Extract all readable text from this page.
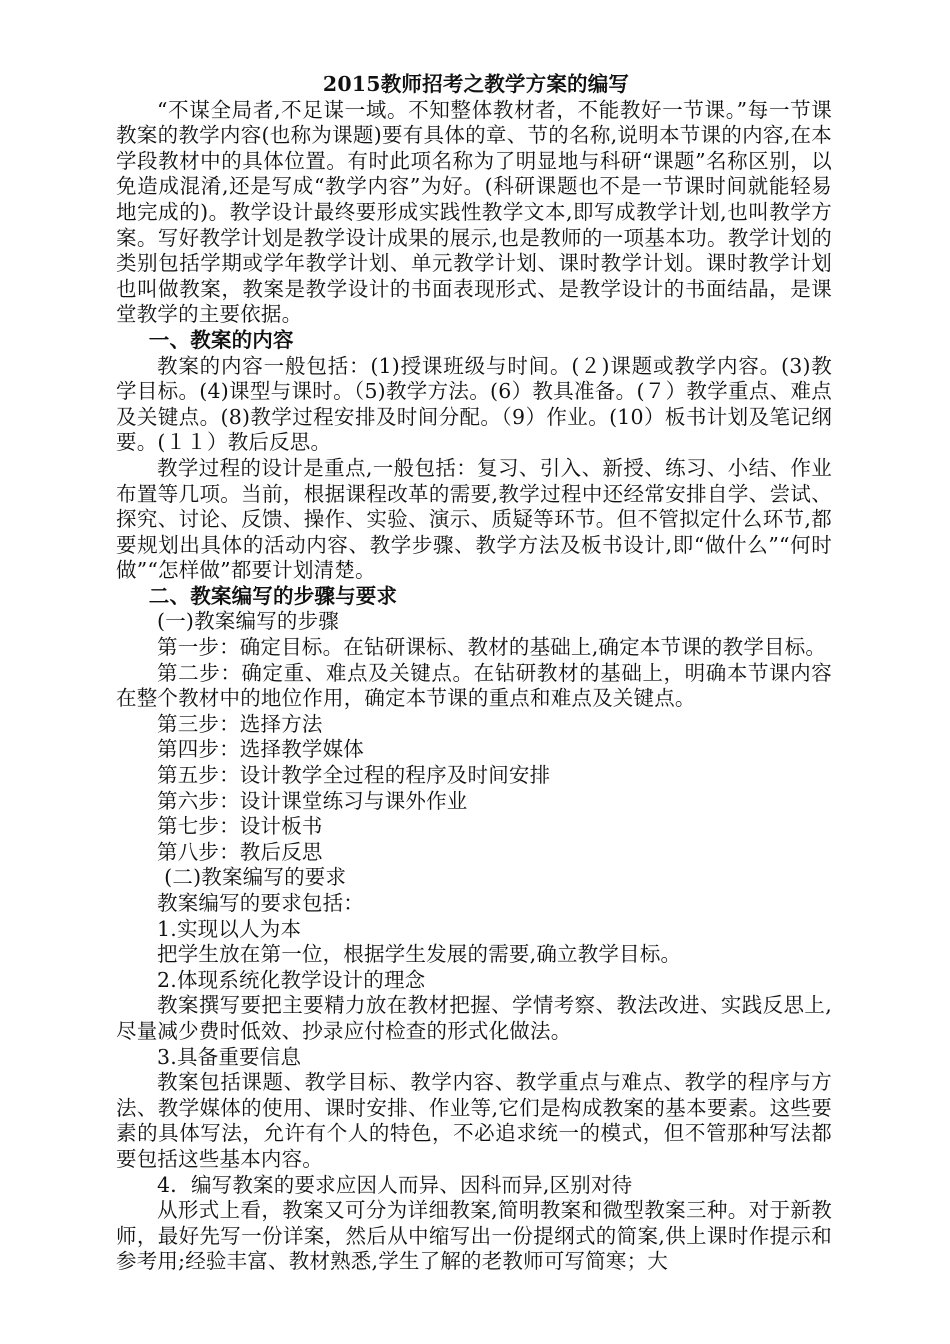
2015教师招考之教学方案的编写

“不谋全局者,不足谋一域。不知整体教材者，不能教好一节课。”每一节课教案的教学内容(也称为课题)要有具体的章、节的名称,说明本节课的内容,在本学段教材中的具体位置。有时此项名称为了明显地与科研“课题”名称区别，以免造成混淆,还是写成“教学内容”为好。(科研课题也不是一节课时间就能轻易地完成的)。教学设计最终要形成实践性教学文本,即写成教学计划,也叫教学方案。写好教学计划是教学设计成果的展示,也是教师的一项基本功。教学计划的类别包括学期或学年教学计划、单元教学计划、课时教学计划。课时教学计划也叫做教案，教案是教学设计的书面表现形式、是教学设计的书面结晶，是课堂教学的主要依据。

一、教案的内容

教案的内容一般包括：(1)授课班级与时间。(２)课题或教学内容。(3)教学目标。(4)课型与课时。（5)教学方法。(6）教具准备。(７）教学重点、难点及关键点。(8)教学过程安排及时间分配。（9）作业。(10）板书计划及笔记纲要。(１１）教后反思。

教学过程的设计是重点,一般包括：复习、引入、新授、练习、小结、作业布置等几项。当前，根据课程改革的需要,教学过程中还经常安排自学、尝试、探究、讨论、反馈、操作、实验、演示、质疑等环节。但不管拟定什么环节,都要规划出具体的活动内容、教学步骤、教学方法及板书设计,即“做什么”“何时做”“怎样做”都要计划清楚。

二、教案编写的步骤与要求

(一)教案编写的步骤

第一步：确定目标。在钻研课标、教材的基础上,确定本节课的教学目标。

第二步：确定重、难点及关键点。在钻研教材的基础上，明确本节课内容在整个教材中的地位作用，确定本节课的重点和难点及关键点。

第三步：选择方法

第四步：选择教学媒体

第五步：设计教学全过程的程序及时间安排

第六步：设计课堂练习与课外作业

第七步：设计板书

第八步：教后反思

(二)教案编写的要求

教案编写的要求包括：

1.实现以人为本

把学生放在第一位，根据学生发展的需要,确立教学目标。

2.体现系统化教学设计的理念

教案撰写要把主要精力放在教材把握、学情考察、教法改进、实践反思上,尽量减少费时低效、抄录应付检查的形式化做法。

3.具备重要信息

教案包括课题、教学目标、教学内容、教学重点与难点、教学的程序与方法、教学媒体的使用、课时安排、作业等,它们是构成教案的基本要素。这些要素的具体写法，允许有个人的特色，不必追求统一的模式，但不管那种写法都要包括这些基本内容。

4．编写教案的要求应因人而异、因科而异,区别对待

从形式上看，教案又可分为详细教案,简明教案和微型教案三种。对于新教师，最好先写一份详案，然后从中缩写出一份提纲式的简案,供上课时作提示和参考用;经验丰富、教材熟悉,学生了解的老教师可写简寒；大
